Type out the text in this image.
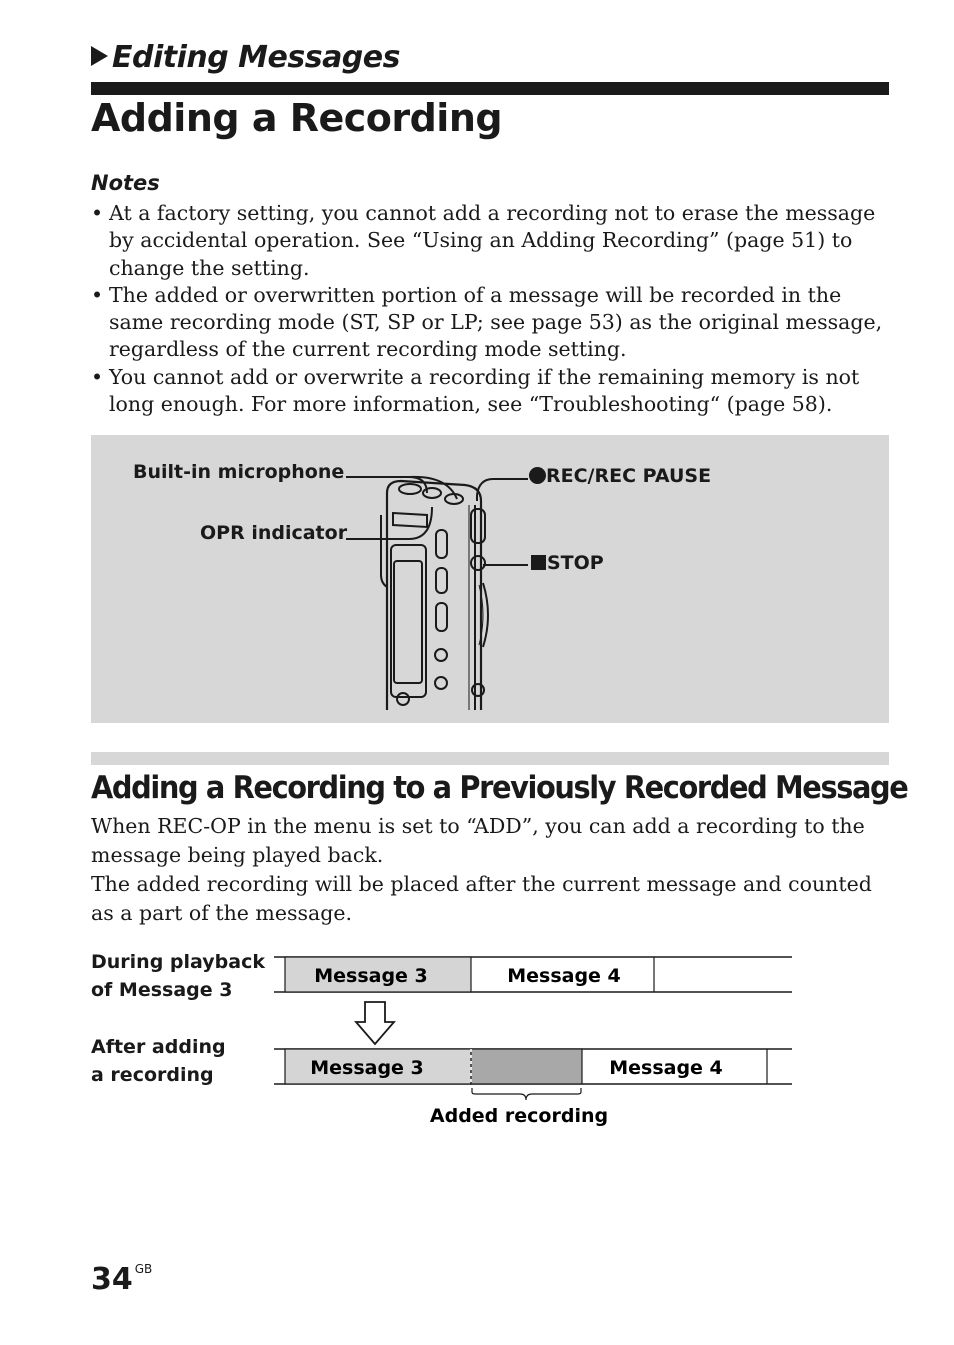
Editing Messages
Adding a Recording
Notes
• At a factory setting, you cannot add a recording not to erase the message by accidental operation. See “Using an Adding Recording” (page 51) to change the setting.
• The added or overwritten portion of a message will be recorded in the same recording mode (ST, SP or LP; see page 53) as the original message, regardless of the current recording mode setting.
• You cannot add or overwrite a recording if the remaining memory is not long enough. For more information, see “Troubleshooting“ (page 58).
Built-in microphone
OPR indicator
REC/REC PAUSE
STOP
Adding a Recording to a Previously Recorded Message

When REC-OP in the menu is set to “ADD”, you can add a recording to the message being played back.

The added recording will be placed after the current message and counted as a part of the message.

During playback
of Message 3
After adding
a recording
Message 3	Message 4
Message 3	Message 4
Added recording
34 $^{GB}$
